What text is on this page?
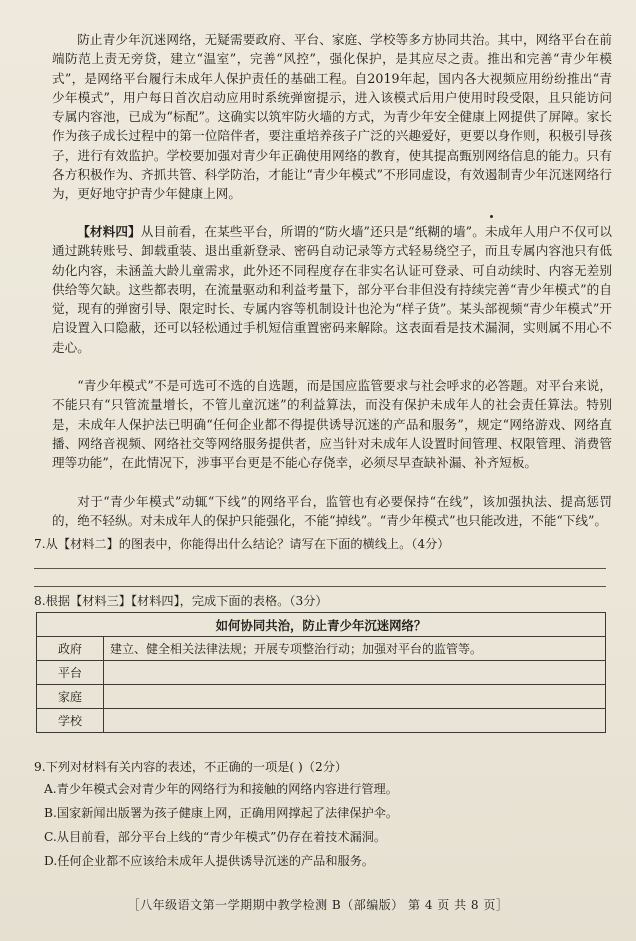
防止青少年沉迷网络，无疑需要政府、平台、家庭、学校等多方协同共治。其中，网络平台在前端防范上责无旁贷，建立“温室”，完善“风控”，强化保护，是其应尽之责。推出和完善“青少年模式”，是网络平台履行未成年人保护责任的基础工程。自2019年起，国内各大视频应用纷纷推出“青少年模式”，用户每日首次启动应用时系统弹窗提示，进入该模式后用户使用时段受限，且只能访问专属内容池，已成为“标配”。这确实以筑牢防火墙的方式，为青少年安全健康上网提供了屏障。家长作为孩子成长过程中的第一位陪伴者，要注重培养孩子广泛的兴趣爱好，更要以身作则，积极引导孩子，进行有效监护。学校要加强对青少年正确使用网络的教育，使其提高甄别网络信息的能力。只有各方积极作为、齐抓共管、科学防治，才能让“青少年模式”不形同虚设，有效遏制青少年沉迷网络行为，更好地守护青少年健康上网。
【材料四】从目前看，在某些平台，所谓的“防火墙”还只是“纸糊的墙”。未成年人用户不仅可以通过跳转账号、卸载重装、退出重新登录、密码自动记录等方式轻易绕空子，而且专属内容池只有低幼化内容，未涵盖大龄儿童需求，此外还不同程度存在非实名认证可登录、可自动续时、内容无差别供给等欠缺。这些都表明，在流量驱动和利益考量下，部分平台非但没有持续完善“青少年模式”的自觉，现有的弹窗引导、限定时长、专属内容等机制设计也沦为“样子货”。某头部视频“青少年模式”开启设置入口隐蔽，还可以轻松通过手机短信重置密码来解除。这表面看是技术漏洞，实则属不用心不走心。
“青少年模式”不是可选可不选的自选题，而是国应监管要求与社会呼求的必答题。对平台来说，不能只有“只管流量增长，不管儿童沉迷”的利益算法，而没有保护未成年人的社会责任算法。特别是，未成年人保护法已明确“任何企业都不得提供诱导沉迷的产品和服务”，规定“网络游戏、网络直播、网络音视频、网络社交等网络服务提供者，应当针对未成年人设置时间管理、权限管理、消费管理等功能”，在此情况下，涉事平台更是不能心存侥幸，必须尽早查缺补漏、补齐短板。
对于“青少年模式”动辄“下线”的网络平台，监管也有必要保持“在线”，该加强执法、提高惩罚的，绝不轻纵。对未成年人的保护只能强化，不能“掉线”。“青少年模式”也只能改进，不能“下线”。
7.从【材料二】的图表中，你能得出什么结论？请写在下面的横线上。（4分）
8.根据【材料三】【材料四】，完成下面的表格。（3分）
如何协同共治，防止青少年沉迷网络？	
政府	建立、健全相关法律法规；开展专项整治行动；加强对平台的监管等。
平台	
家庭	
学校	
9.下列对材料有关内容的表述，不正确的一项是( )（2分）
A.青少年模式会对青少年的网络行为和接触的网络内容进行管理。
B.国家新闻出版署为孩子健康上网，正确用网撑起了法律保护伞。
C.从目前看，部分平台上线的“青少年模式”仍存在着技术漏洞。
D.任何企业都不应该给未成年人提供诱导沉迷的产品和服务。
［八年级语文第一学期期中教学检测 B（部编版） 第 4 页 共 8 页］
